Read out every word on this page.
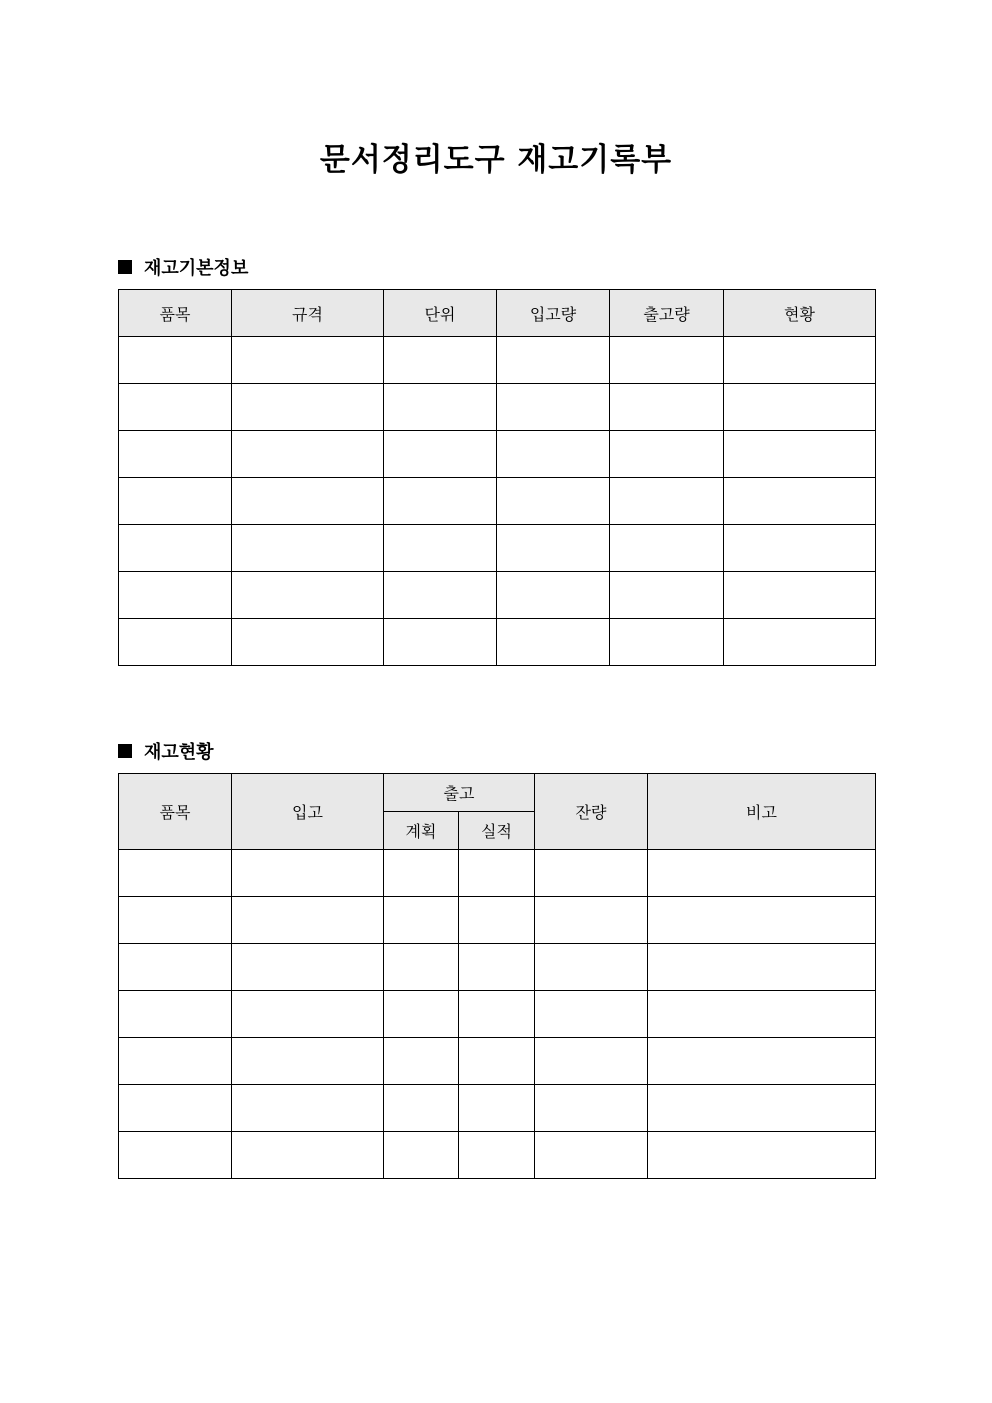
문서정리도구 재고기록부
재고기본정보
품목	규격	단위	입고량	출고량	현황

재고현황
품목	입고	출고		잔량	비고
		계획	실적		
